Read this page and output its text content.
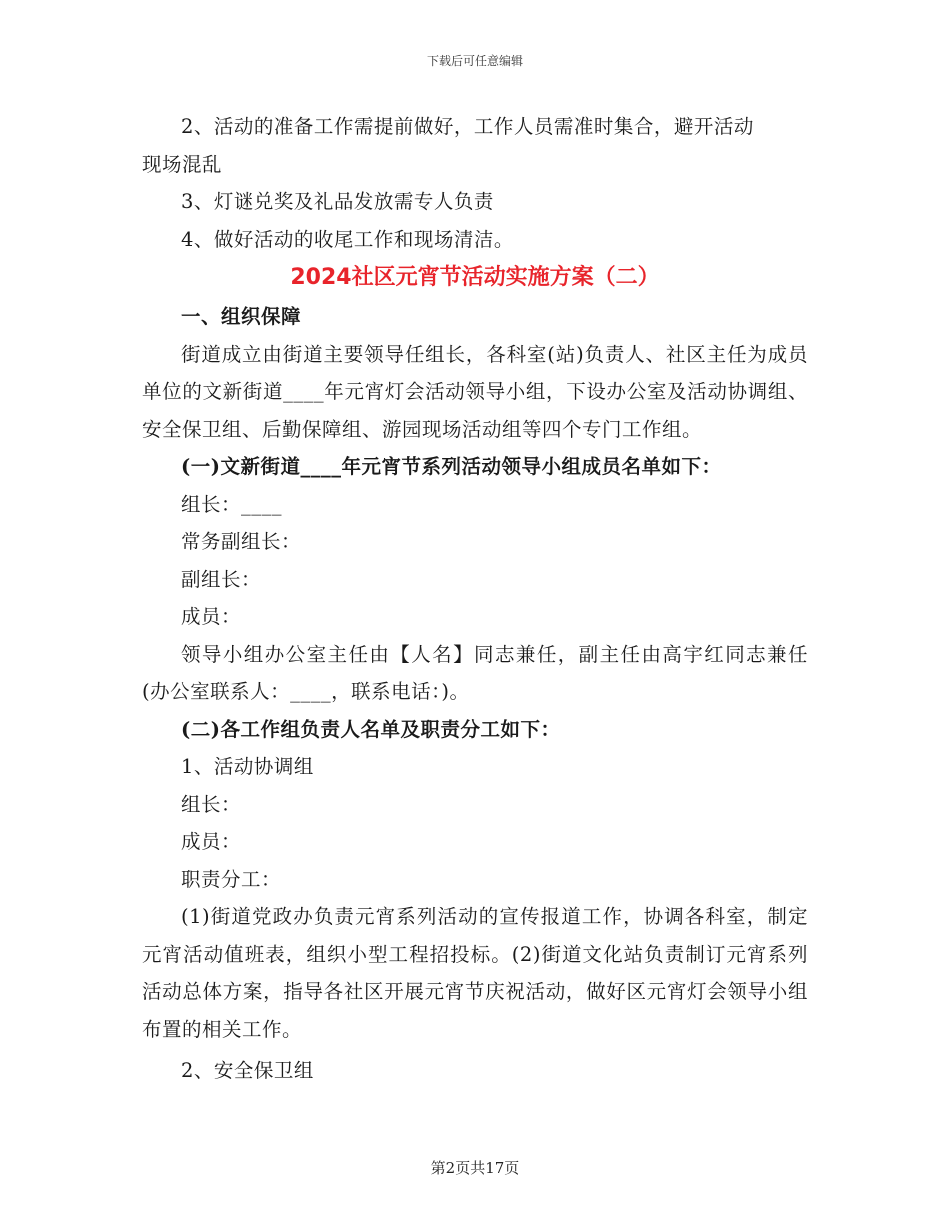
下载后可任意编辑

2、活动的准备工作需提前做好，工作人员需准时集合，避开活动

现场混乱

3、灯谜兑奖及礼品发放需专人负责

4、做好活动的收尾工作和现场清洁。

2024社区元宵节活动实施方案（二）

一、组织保障

街道成立由街道主要领导任组长，各科室(站)负责人、社区主任为成员单位的文新街道____年元宵灯会活动领导小组，下设办公室及活动协调组、安全保卫组、后勤保障组、游园现场活动组等四个专门工作组。

(一)文新街道____年元宵节系列活动领导小组成员名单如下：

组长：____

常务副组长：

副组长：

成员：

领导小组办公室主任由【人名】同志兼任，副主任由高宇红同志兼任(办公室联系人：____，联系电话：)。

(二)各工作组负责人名单及职责分工如下：

1、活动协调组

组长：

成员：

职责分工：

(1)街道党政办负责元宵系列活动的宣传报道工作，协调各科室，制定元宵活动值班表，组织小型工程招投标。(2)街道文化站负责制订元宵系列活动总体方案，指导各社区开展元宵节庆祝活动，做好区元宵灯会领导小组布置的相关工作。

2、安全保卫组

第2页共17页
